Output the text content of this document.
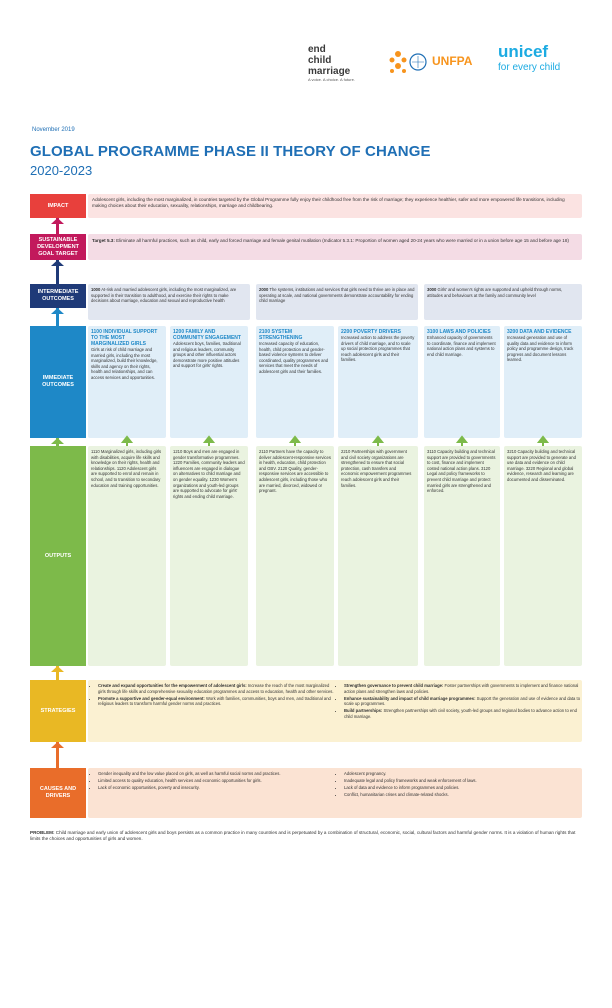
end
child
marriage
A voice. A choice. A future.
UNFPA unicef
for every child
November 2019
GLOBAL PROGRAMME PHASE II THEORY OF CHANGE
2020-2023
IMPACT
Adolescent girls, including the most marginalized, in countries targeted by the Global Programme fully enjoy their childhood free from the risk of marriage; they experience healthier, safer and more empowered life transitions, including making choices about their education, sexuality, relationships, marriage and childbearing.
SUSTAINABLE
DEVELOPMENT
GOAL TARGET
Target 5.3: Eliminate all harmful practices, such as child, early and forced marriage and female genital mutilation (Indicator 5.3.1: Proportion of women aged 20-24 years who were married or in a union before age 15 and before age 18)
INTERMEDIATE
OUTCOMES
1000 At-risk and married adolescent girls, including the most marginalized, are supported in their transition to adulthood, and exercise their rights to make decisions about marriage, education and sexual and reproductive health
2000 The systems, institutions and services that girls need to thrive are in place and operating at scale, and national governments demonstrate accountability for ending child marriage
3000 Girls' and women's rights are supported and upheld through norms, attitudes and behaviours at the family and community level
IMMEDIATE
OUTCOMES
1100 INDIVIDUAL SUPPORT TO THE MOST MARGINALIZED GIRLS
Girls at risk of child marriage and married girls, including the most marginalized, build their knowledge, skills and agency on their rights, health and relationships, and can access services and opportunities.
1200 FAMILY AND COMMUNITY ENGAGEMENT
Adolescent boys, families, traditional and religious leaders, community groups and other influential actors demonstrate more positive attitudes and support for girls' rights.
2100 SYSTEM STRENGTHENING
Increased capacity of education, health, child protection and gender-based violence systems to deliver coordinated, quality programmes and services that meet the needs of adolescent girls and their families.
2200 POVERTY DRIVERS
Increased action to address the poverty drivers of child marriage, and to scale up social protection programmes that reach adolescent girls and their families.
3100 LAWS AND POLICIES
Enhanced capacity of governments to coordinate, finance and implement national action plans and systems to end child marriage.
3200 DATA AND EVIDENCE
Increased generation and use of quality data and evidence to inform policy and programme design, track progress and document lessons learned.
OUTPUTS
1110 Marginalized girls, including girls with disabilities, acquire life skills and knowledge on their rights, health and relationships. 1120 Adolescent girls are supported to enrol and remain in school, and to transition to secondary education and training opportunities.
1210 Boys and men are engaged in gender transformative programmes. 1220 Families, community leaders and influencers are engaged in dialogue on alternatives to child marriage and on gender equality. 1230 Women's organizations and youth-led groups are supported to advocate for girls' rights and ending child marriage.
2110 Partners have the capacity to deliver adolescent-responsive services in health, education, child protection and GBV. 2120 Quality, gender-responsive services are accessible to adolescent girls, including those who are married, divorced, widowed or pregnant.
2210 Partnerships with government and civil society organizations are strengthened to ensure that social protection, cash transfers and economic empowerment programmes reach adolescent girls and their families.
3110 Capacity building and technical support are provided to governments to cost, finance and implement costed national action plans. 3120 Legal and policy frameworks to prevent child marriage and protect married girls are strengthened and enforced.
3210 Capacity building and technical support are provided to generate and use data and evidence on child marriage. 3220 Regional and global evidence, research and learning are documented and disseminated.
STRATEGIES
• Create and expand opportunities for the empowerment of adolescent girls: Increase the reach of the most marginalized girls through life skills and comprehensive sexuality education programmes and access to education, health and other services.
• Promote a supportive and gender-equal environment: Work with families, communities, boys and men, and traditional and religious leaders to transform harmful gender norms and practices.
• Strengthen governance to prevent child marriage: Foster partnerships with governments to implement and finance national action plans and strengthen laws and policies.
• Enhance sustainability and impact of child marriage programmes: Support the generation and use of evidence and data to scale up programmes.
• Build partnerships: Strengthen partnerships with civil society, youth-led groups and regional bodies to advance action to end child marriage.
CAUSES AND
DRIVERS
• Gender inequality and the low value placed on girls, as well as harmful social norms and practices.
• Limited access to quality education, health services and economic opportunities for girls.
• Lack of economic opportunities, poverty and insecurity.
• Adolescent pregnancy.
• Inadequate legal and policy frameworks and weak enforcement of laws.
• Lack of data and evidence to inform programmes and policies.
• Conflict, humanitarian crises and climate-related shocks.
PROBLEM: Child marriage and early union of adolescent girls and boys persists as a common practice in many countries and is perpetuated by a combination of structural, economic, social, cultural factors and harmful gender norms. It is a violation of human rights that limits the choices and opportunities of girls and women.
